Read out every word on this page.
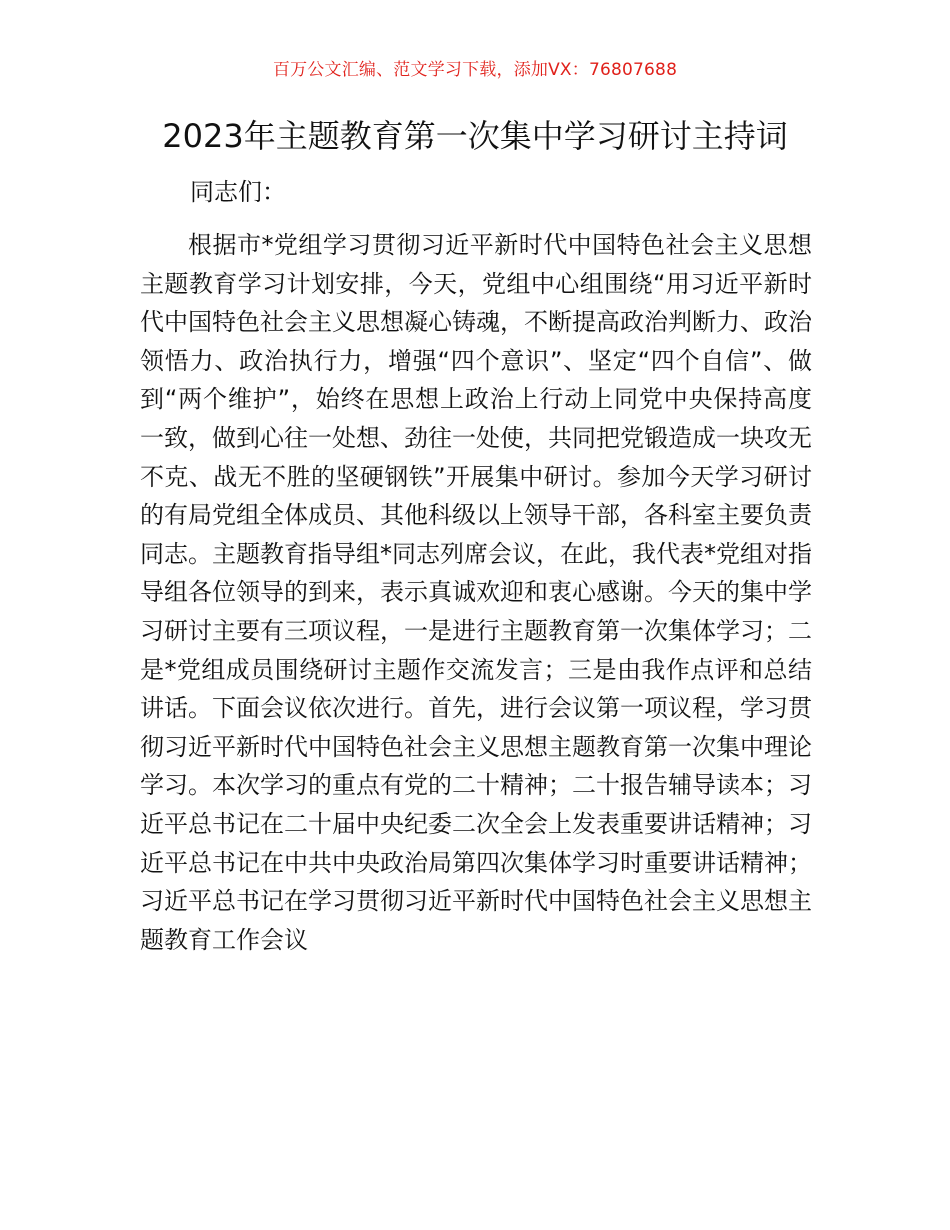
百万公文汇编、范文学习下载，添加VX：76807688
2023年主题教育第一次集中学习研讨主持词
同志们：

根据市*党组学习贯彻习近平新时代中国特色社会主义思想主题教育学习计划安排，今天，党组中心组围绕“用习近平新时代中国特色社会主义思想凝心铸魂，不断提高政治判断力、政治领悟力、政治执行力，增强“四个意识”、坚定“四个自信”、做到“两个维护”，始终在思想上政治上行动上同党中央保持高度一致，做到心往一处想、劲往一处使，共同把党锻造成一块攻无不克、战无不胜的坚硬钢铁”开展集中研讨。参加今天学习研讨的有局党组全体成员、其他科级以上领导干部，各科室主要负责同志。主题教育指导组*同志列席会议，在此，我代表*党组对指导组各位领导的到来，表示真诚欢迎和衷心感谢。今天的集中学习研讨主要有三项议程，一是进行主题教育第一次集体学习；二是*党组成员围绕研讨主题作交流发言；三是由我作点评和总结讲话。下面会议依次进行。首先，进行会议第一项议程，学习贯彻习近平新时代中国特色社会主义思想主题教育第一次集中理论学习。本次学习的重点有党的二十精神；二十报告辅导读本；习近平总书记在二十届中央纪委二次全会上发表重要讲话精神；习近平总书记在中共中央政治局第四次集体学习时重要讲话精神；习近平总书记在学习贯彻习近平新时代中国特色社会主义思想主题教育工作会议
